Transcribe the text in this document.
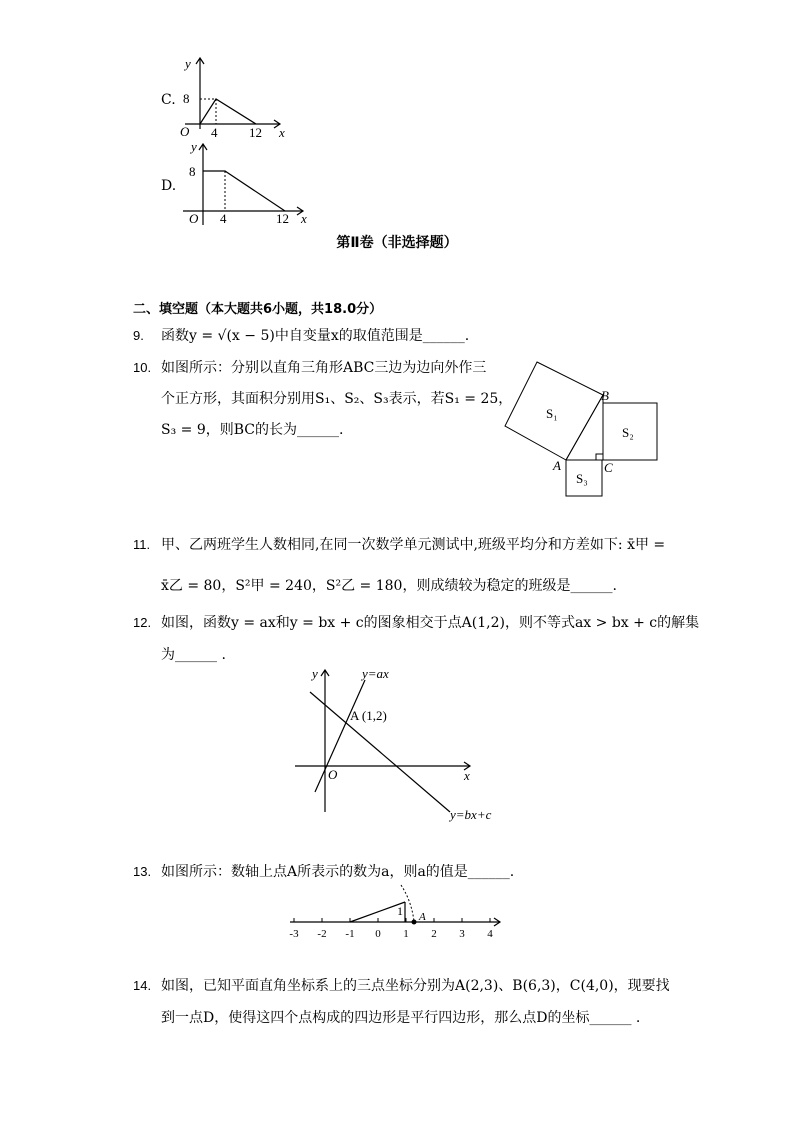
C.
y
x
O
8
4 12
D.
y
x
O
8
4	12
第Ⅱ卷（非选择题）
二、填空题（本大题共6小题，共18.0分）
9. 函数y = √(x − 5)中自变量x的取值范围是______.
10. 如图所示：分别以直角三角形ABC三边为边向外作三
个正方形，其面积分别用S₁、S₂、S₃表示，若S₁ = 25，
S₃ = 9，则BC的长为______.
S₁
S₂
S₃
A
B
C
11. 甲、乙两班学生人数相同,在同一次数学单元测试中,班级平均分和方差如下: x̄甲 =
x̄乙 = 80，S²甲 = 240，S²乙 = 180，则成绩较为稳定的班级是______.
12. 如图，函数y = ax和y = bx + c的图象相交于点A(1,2)，则不等式ax > bx + c的解集
为______ .
y
x
O
y=ax
y=bx+c
A (1,2)
13. 如图所示：数轴上点A所表示的数为a，则a的值是______.
-3 -2 -1 0 1 2 3 4
1 A
14. 如图，已知平面直角坐标系上的三点坐标分别为A(2,3)、B(6,3)，C(4,0)，现要找
到一点D，使得这四个点构成的四边形是平行四边形，那么点D的坐标______ .
